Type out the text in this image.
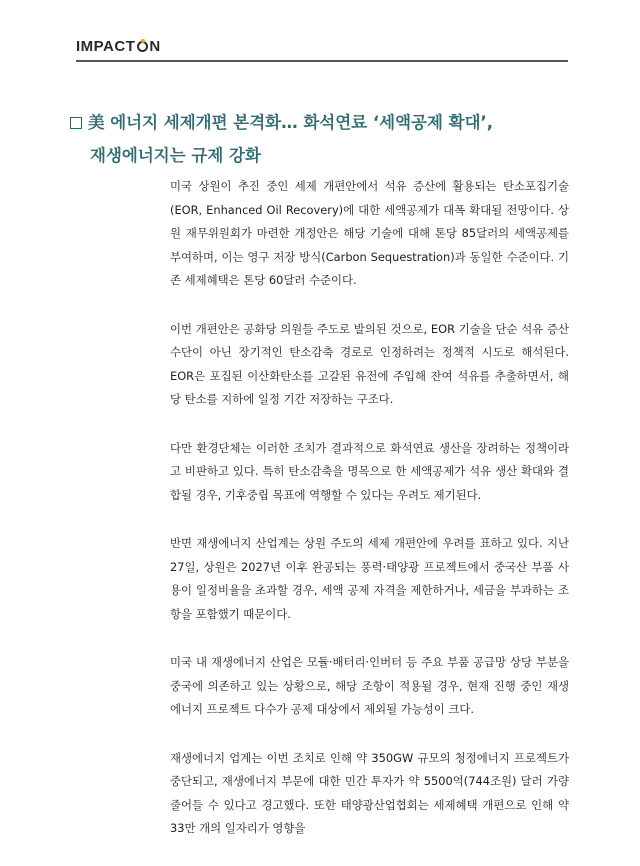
IMPACT N
美 에너지 세제개편 본격화… 화석연료 ‘세액공제 확대’,
재생에너지는 규제 강화

미국 상원이 추진 중인 세제 개편안에서 석유 증산에 활용되는 탄소포집기술(EOR, Enhanced Oil Recovery)에 대한 세액공제가 대폭 확대될 전망이다. 상원 재무위원회가 마련한 개정안은 해당 기술에 대해 톤당 85달러의 세액공제를 부여하며, 이는 영구 저장 방식(Carbon Sequestration)과 동일한 수준이다. 기존 세제혜택은 톤당 60달러 수준이다.

이번 개편안은 공화당 의원들 주도로 발의된 것으로, EOR 기술을 단순 석유 증산 수단이 아닌 장기적인 탄소감축 경로로 인정하려는 정책적 시도로 해석된다. EOR은 포집된 이산화탄소를 고갈된 유전에 주입해 잔여 석유를 추출하면서, 해당 탄소를 지하에 일정 기간 저장하는 구조다.

다만 환경단체는 이러한 조치가 결과적으로 화석연료 생산을 장려하는 정책이라고 비판하고 있다. 특히 탄소감축을 명목으로 한 세액공제가 석유 생산 확대와 결합될 경우, 기후중립 목표에 역행할 수 있다는 우려도 제기된다.

반면 재생에너지 산업계는 상원 주도의 세제 개편안에 우려를 표하고 있다. 지난 27일, 상원은 2027년 이후 완공되는 풍력·태양광 프로젝트에서 중국산 부품 사용이 일정비율을 초과할 경우, 세액 공제 자격을 제한하거나, 세금을 부과하는 조항을 포함했기 때문이다.

미국 내 재생에너지 산업은 모듈·배터리·인버터 등 주요 부품 공급망 상당 부분을 중국에 의존하고 있는 상황으로, 해당 조항이 적용될 경우, 현재 진행 중인 재생에너지 프로젝트 다수가 공제 대상에서 제외될 가능성이 크다.

재생에너지 업계는 이번 조치로 인해 약 350GW 규모의 청정에너지 프로젝트가 중단되고, 재생에너지 부문에 대한 민간 투자가 약 5500억(744조원) 달러 가량 줄어들 수 있다고 경고했다. 또한 태양광산업협회는 세제혜택 개편으로 인해 약 33만 개의 일자리가 영향을
